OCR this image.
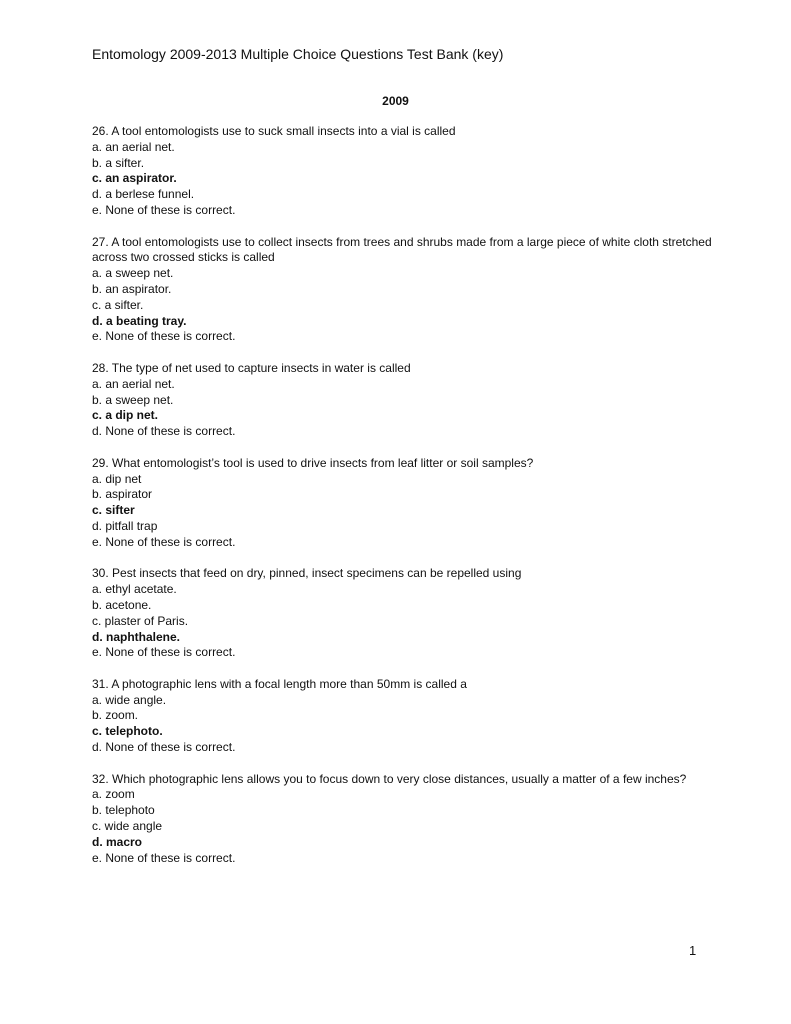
Entomology 2009-2013 Multiple Choice Questions Test Bank (key)
2009
26. A tool entomologists use to suck small insects into a vial is called
a. an aerial net.
b. a sifter.
c. an aspirator.
d. a berlese funnel.
e. None of these is correct.
27. A tool entomologists use to collect insects from trees and shrubs made from a large piece of white cloth stretched across two crossed sticks is called
a. a sweep net.
b. an aspirator.
c. a sifter.
d. a beating tray.
e. None of these is correct.
28. The type of net used to capture insects in water is called
a. an aerial net.
b. a sweep net.
c. a dip net.
d. None of these is correct.
29. What entomologist’s tool is used to drive insects from leaf litter or soil samples?
a. dip net
b. aspirator
c. sifter
d. pitfall trap
e. None of these is correct.
30. Pest insects that feed on dry, pinned, insect specimens can be repelled using
a. ethyl acetate.
b. acetone.
c. plaster of Paris.
d. naphthalene.
e. None of these is correct.
31. A photographic lens with a focal length more than 50mm is called a
a. wide angle.
b. zoom.
c. telephoto.
d. None of these is correct.
32. Which photographic lens allows you to focus down to very close distances, usually a matter of a few inches?
a. zoom
b. telephoto
c. wide angle
d. macro
e. None of these is correct.
1
